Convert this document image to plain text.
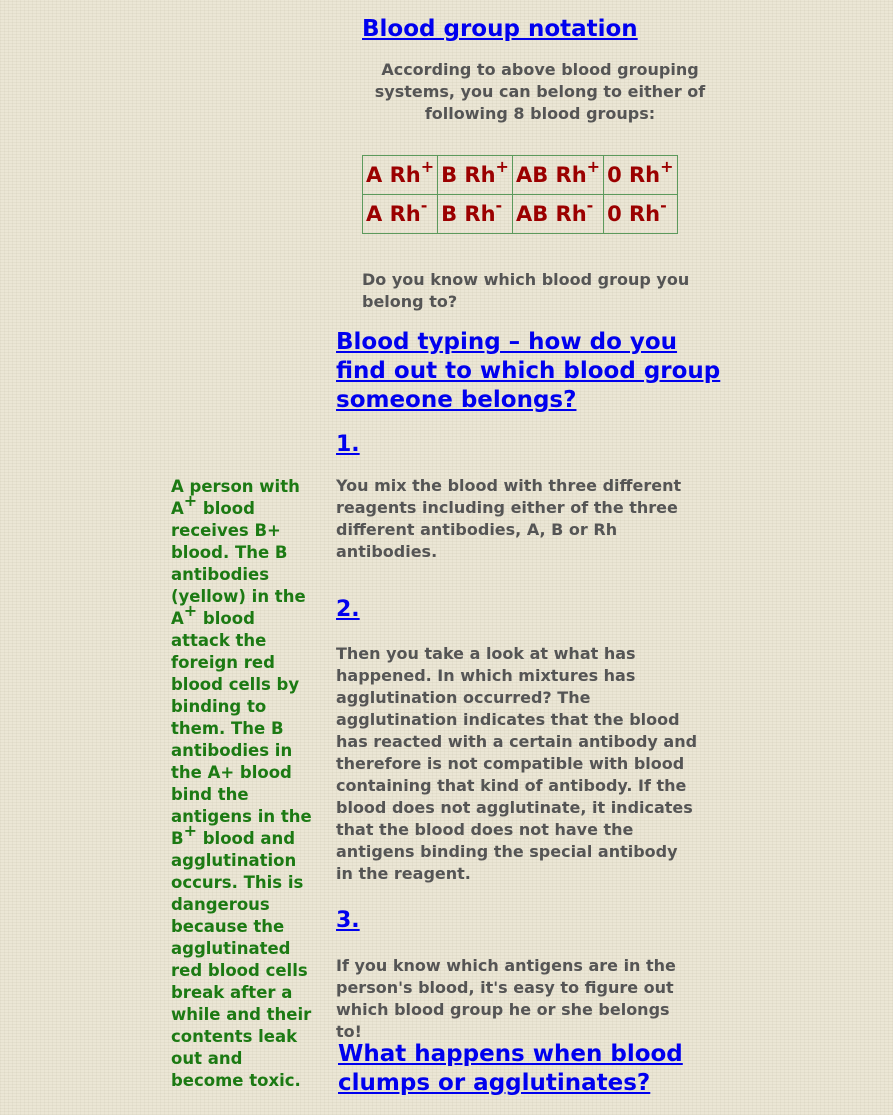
Blood group notation
According to above blood grouping systems, you can belong to either of following 8 blood groups:
A Rh+	B Rh+	AB Rh+	0 Rh+
A Rh-	B Rh-	AB Rh-	0 Rh-
Do you know which blood group you belong to?
Blood typing – how do you find out to which blood group someone belongs?
1.
You mix the blood with three different reagents including either of the three different antibodies, A, B or Rh antibodies.
2.
Then you take a look at what has happened. In which mixtures has agglutination occurred? The agglutination indicates that the blood has reacted with a certain antibody and therefore is not compatible with blood containing that kind of antibody. If the blood does not agglutinate, it indicates that the blood does not have the antigens binding the special antibody in the reagent.
3.
If you know which antigens are in the person's blood, it's easy to figure out which blood group he or she belongs to!
What happens when blood clumps or agglutinates?
A person with A+ blood receives B+ blood. The B antibodies (yellow) in the A+ blood attack the foreign red blood cells by binding to them. The B antibodies in the A+ blood bind the antigens in the B+ blood and agglutination occurs. This is dangerous because the agglutinated red blood cells break after a while and their contents leak out and become toxic.
